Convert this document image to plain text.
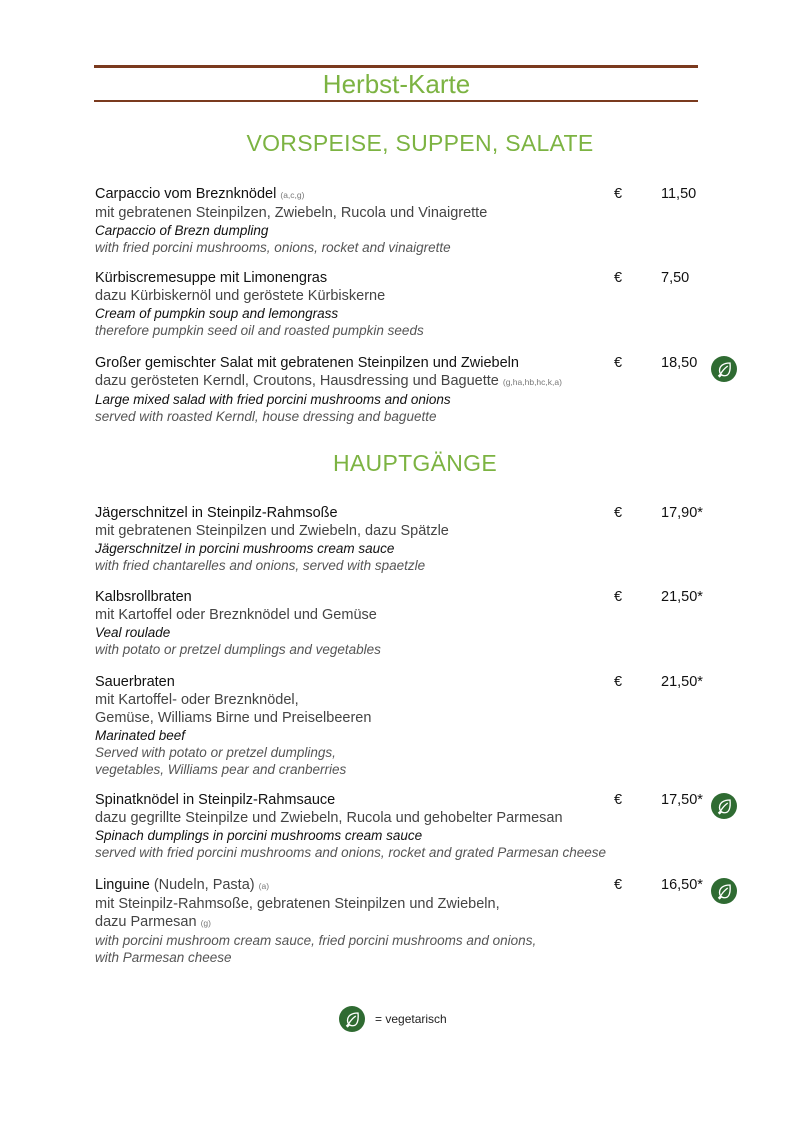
Herbst-Karte
VORSPEISE, SUPPEN, SALATE
Carpaccio vom Breznknödel (a,c,g)
mit gebratenen Steinpilzen, Zwiebeln, Rucola und Vinaigrette
Carpaccio of Brezn dumpling
with fried porcini mushrooms, onions, rocket and vinaigrette
€	11,50
Kürbiscremesuppe mit Limonengras
dazu Kürbiskernöl und geröstete Kürbiskerne
Cream of pumpkin soup and lemongrass
therefore pumpkin seed oil and roasted pumpkin seeds
€	7,50
Großer gemischter Salat mit gebratenen Steinpilzen und Zwiebeln
dazu gerösteten Kerndl, Croutons, Hausdressing und Baguette (g,ha,hb,hc,k,a)
Large mixed salad with fried porcini mushrooms and onions
served with roasted Kerndl, house dressing and baguette
€	18,50
HAUPTGÄNGE
Jägerschnitzel in Steinpilz-Rahmsoße
mit gebratenen Steinpilzen und Zwiebeln, dazu Spätzle
Jägerschnitzel in porcini mushrooms cream sauce
with fried chantarelles and onions, served with spaetzle
€	17,90*
Kalbsrollbraten
mit Kartoffel oder Breznknödel und Gemüse
Veal roulade
with potato or pretzel dumplings and vegetables
€	21,50*
Sauerbraten
mit Kartoffel- oder Breznknödel,
Gemüse, Williams Birne und Preiselbeeren
Marinated beef
Served with potato or pretzel dumplings,
vegetables, Williams pear and cranberries
€	21,50*
Spinatknödel in Steinpilz-Rahmsauce
dazu gegrillte Steinpilze und Zwiebeln, Rucola und gehobelter Parmesan
Spinach dumplings in porcini mushrooms cream sauce
served with fried porcini mushrooms and onions, rocket and grated Parmesan cheese
€	17,50*
Linguine (Nudeln, Pasta) (a)
mit Steinpilz-Rahmsoße, gebratenen Steinpilzen und Zwiebeln,
dazu Parmesan (g)
with porcini mushroom cream sauce, fried porcini mushrooms and onions,
with Parmesan cheese
€	16,50*
= vegetarisch
